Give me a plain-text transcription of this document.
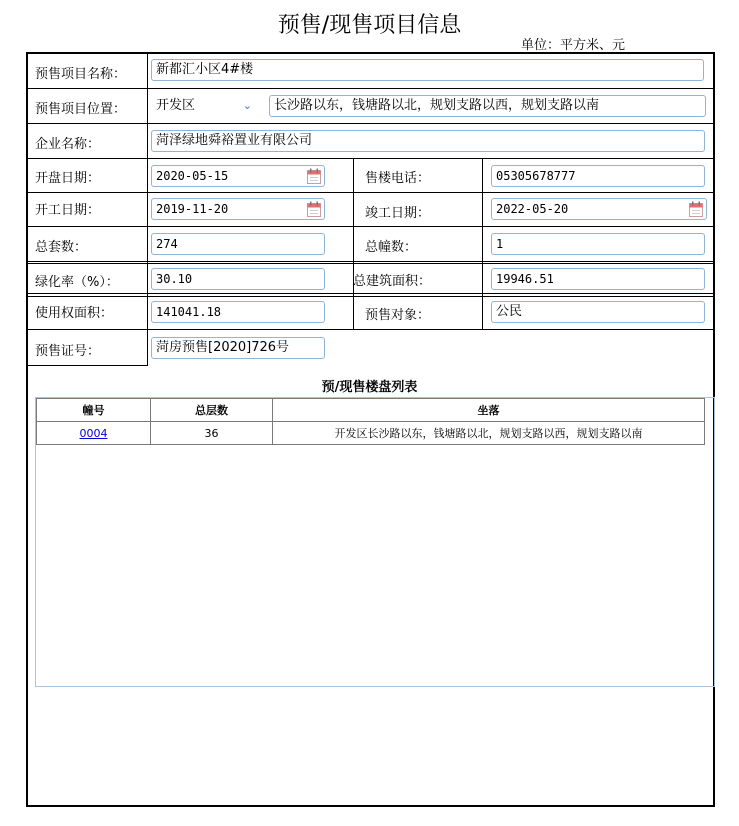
预售/现售项目信息
单位：平方米、元
预售项目名称：	新都汇小区4#楼
预售项目位置：	开发区	⌄	长沙路以东，钱塘路以北，规划支路以西，规划支路以南
企业名称：	菏泽绿地舜裕置业有限公司
开盘日期：	2020-05-15	售楼电话：	05305678777
开工日期：	2019-11-20	竣工日期：	2022-05-20
总套数：	274	总幢数：	1
绿化率（%）：	30.10	总建筑面积：	19946.51
使用权面积：	141041.18	预售对象：	公民
预售证号：	菏房预售[2020]726号
预/现售楼盘列表
幢号	总层数	坐落
0004	36	开发区长沙路以东，钱塘路以北，规划支路以西，规划支路以南
